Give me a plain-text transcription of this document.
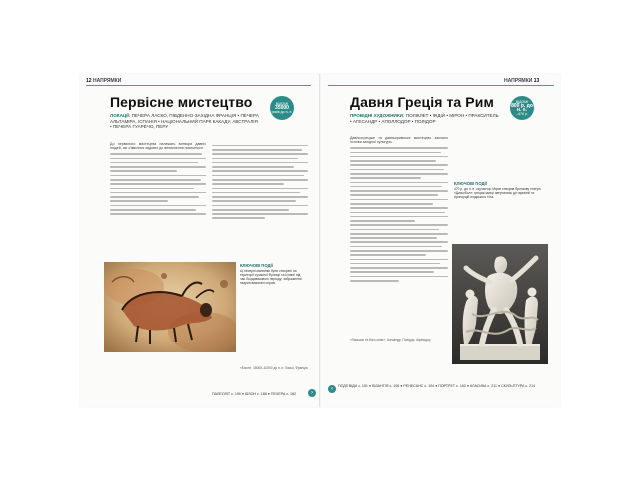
12 НАПРЯМКИ
Первісне мистецтво
ЛОКАЦІЇ: ПЕЧЕРА ЛАСКО, ПІВДЕННО-ЗАХІДНА ФРАНЦІЯ • ПЕЧЕРА АЛЬТАМІРА, ІСПАНІЯ • НАЦІОНАЛЬНИЙ ПАРК КАКАДУ, АВСТРАЛІЯ • ПЕЧЕРА ГУАРЕЧО, ПЕРУ
ВІДОМІ
35000
років до н. е.
До первісного мистецтва належать витвори давніх людей, які з’явилися задовго до виникнення писемності.
КЛЮЧОВІ ПОДІЇ
Ці печерні малюнки були створені на території сучасної Франції та Іспанії під час Льодовикового періоду; зображення тварин виконані охрою.
«Бізон», 15000–10000 до н. е. Ласко, Франція
ПАЛЕОЛІТ с. 190 ● БІЗОН с. 188 ● ПЕЧЕРА с. 182	›
НАПРЯМКИ 13
Давня Греція та Рим
ПРОВІДНІ ХУДОЖНИКИ: ПОЛІКЛЕТ • ФІДІЙ • МІРОН • ПРАКСИТЕЛЬ • АГЕСАНДР • АПОЛЛОДОР • ПОЛІДОР
ВІДОМІ
800 р. до н. е.
–476 р.
Давньогрецьке та давньоримське мистецтво заклало основи західної культури.
КЛЮЧОВІ ПОДІЇ
470 р. до н. е. скульптор Мірон створив бронзову статую «Дискобол»; грецькі митці звертались до гармонії та пропорцій людського тіла.
«Лаокоон та його сини». Агесандр, Полідор, Афінодор
‹	ПОДІЇ ВІДИ с. 151 ● ВІЗАНТІЯ с. 106 ● РЕНЕСАНС с. 104 ● ПОРТРЕТ с. 162 ● КЛАСИКА с. 211 ● СКУЛЬПТУРА с. 214
